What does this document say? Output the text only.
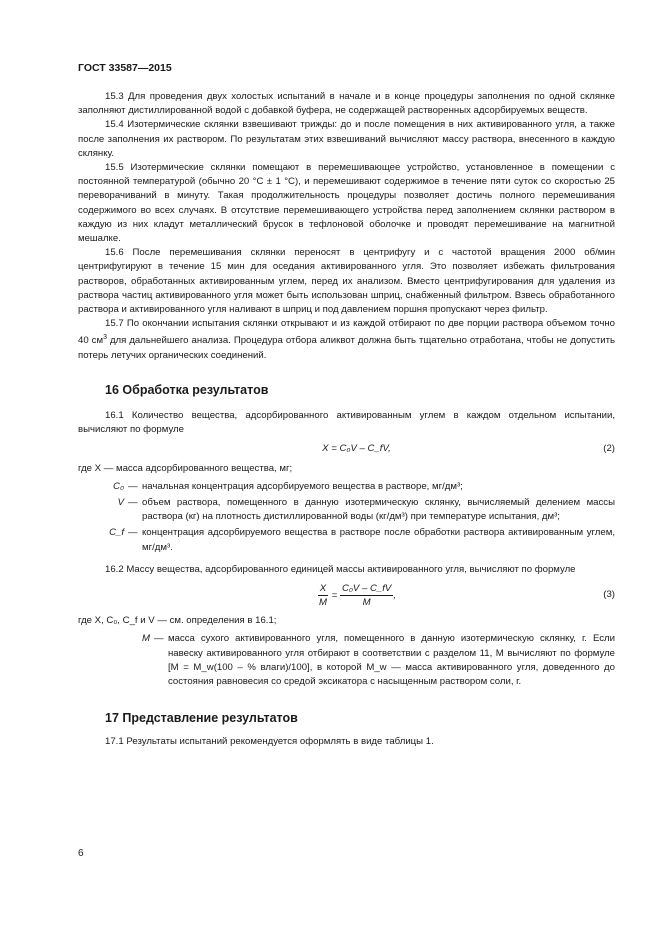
ГОСТ 33587—2015

15.3 Для проведения двух холостых испытаний в начале и в конце процедуры заполнения по одной склянке заполняют дистиллированной водой с добавкой буфера, не содержащей растворенных адсорбируемых веществ.

15.4 Изотермические склянки взвешивают трижды: до и после помещения в них активированного угля, а также после заполнения их раствором. По результатам этих взвешиваний вычисляют массу раствора, внесенного в каждую склянку.

15.5 Изотермические склянки помещают в перемешивающее устройство, установленное в помещении с постоянной температурой (обычно 20 °С ± 1 °С), и перемешивают содержимое в течение пяти суток со скоростью 25 переворачиваний в минуту. Такая продолжительность процедуры позволяет достичь полного перемешивания содержимого во всех случаях. В отсутствие перемешивающего устройства перед заполнением склянки раствором в каждую из них кладут металлический брусок в тефлоновой оболочке и проводят перемешивание на магнитной мешалке.

15.6 После перемешивания склянки переносят в центрифугу и с частотой вращения 2000 об/мин центрифугируют в течение 15 мин для оседания активированного угля. Это позволяет избежать фильтрования растворов, обработанных активированным углем, перед их анализом. Вместо центрифугирования для удаления из раствора частиц активированного угля может быть использован шприц, снабженный фильтром. Взвесь обработанного раствора и активированного угля наливают в шприц и под давлением поршня пропускают через фильтр.

15.7 По окончании испытания склянки открывают и из каждой отбирают по две порции раствора объемом точно 40 $см^3$ для дальнейшего анализа. Процедура отбора аликвот должна быть тщательно отработана, чтобы не допустить потерь летучих органических соединений.

16 Обработка результатов

16.1 Количество вещества, адсорбированного активированным углем в каждом отдельном испытании, вычисляют по формуле

X = C₀V – C_fV,	(2)
где X — масса адсорбированного вещества, мг;
C₀ — начальная концентрация адсорбируемого вещества в растворе, мг/дм³;
V — объем раствора, помещенного в данную изотермическую склянку, вычисляемый делением массы раствора (кг) на плотность дистиллированной воды (кг/дм³) при температуре испытания, дм³;
C_f — концентрация адсорбируемого вещества в растворе после обработки раствора активированным углем, мг/дм³.

16.2 Массу вещества, адсорбированного единицей массы активированного угля, вычисляют по формуле

$\frac{X}{M} = \frac{\text{C₀V – C\_fV}}{M}$ ,	(3)
где X, C₀, C_f и V — см. определения в 16.1;
M — масса сухого активированного угля, помещенного в данную изотермическую склянку, г. Если навеску активированного угля отбирают в соответствии с разделом 11, M вычисляют по формуле [M = M_w(100 – % влаги)/100], в которой M_w — масса активированного угля, доведенного до состояния равновесия со средой эксикатора с насыщенным раствором соли, г.
17 Представление результатов

17.1 Результаты испытаний рекомендуется оформлять в виде таблицы 1.

6
